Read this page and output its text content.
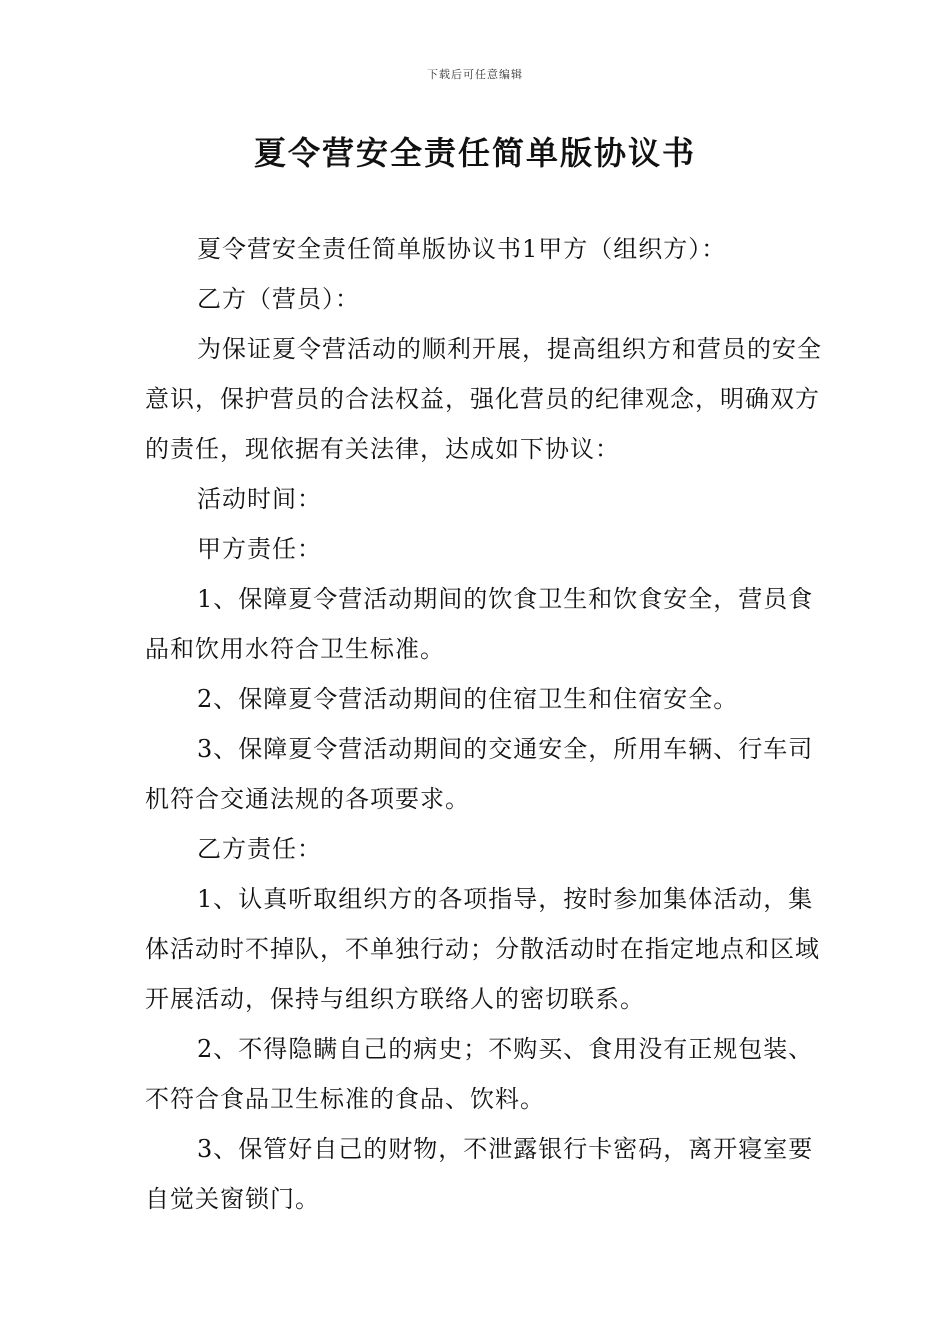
下载后可任意编辑
夏令营安全责任简单版协议书

夏令营安全责任简单版协议书1甲方（组织方）：

乙方（营员）：

为保证夏令营活动的顺利开展，提高组织方和营员的安全意识，保护营员的合法权益，强化营员的纪律观念，明确双方的责任，现依据有关法律，达成如下协议：

活动时间：

甲方责任：

1、保障夏令营活动期间的饮食卫生和饮食安全，营员食品和饮用水符合卫生标准。

2、保障夏令营活动期间的住宿卫生和住宿安全。

3、保障夏令营活动期间的交通安全，所用车辆、行车司机符合交通法规的各项要求。

乙方责任：

1、认真听取组织方的各项指导，按时参加集体活动，集体活动时不掉队，不单独行动；分散活动时在指定地点和区域开展活动，保持与组织方联络人的密切联系。

2、不得隐瞒自己的病史；不购买、食用没有正规包装、不符合食品卫生标准的食品、饮料。

3、保管好自己的财物，不泄露银行卡密码，离开寝室要自觉关窗锁门。
